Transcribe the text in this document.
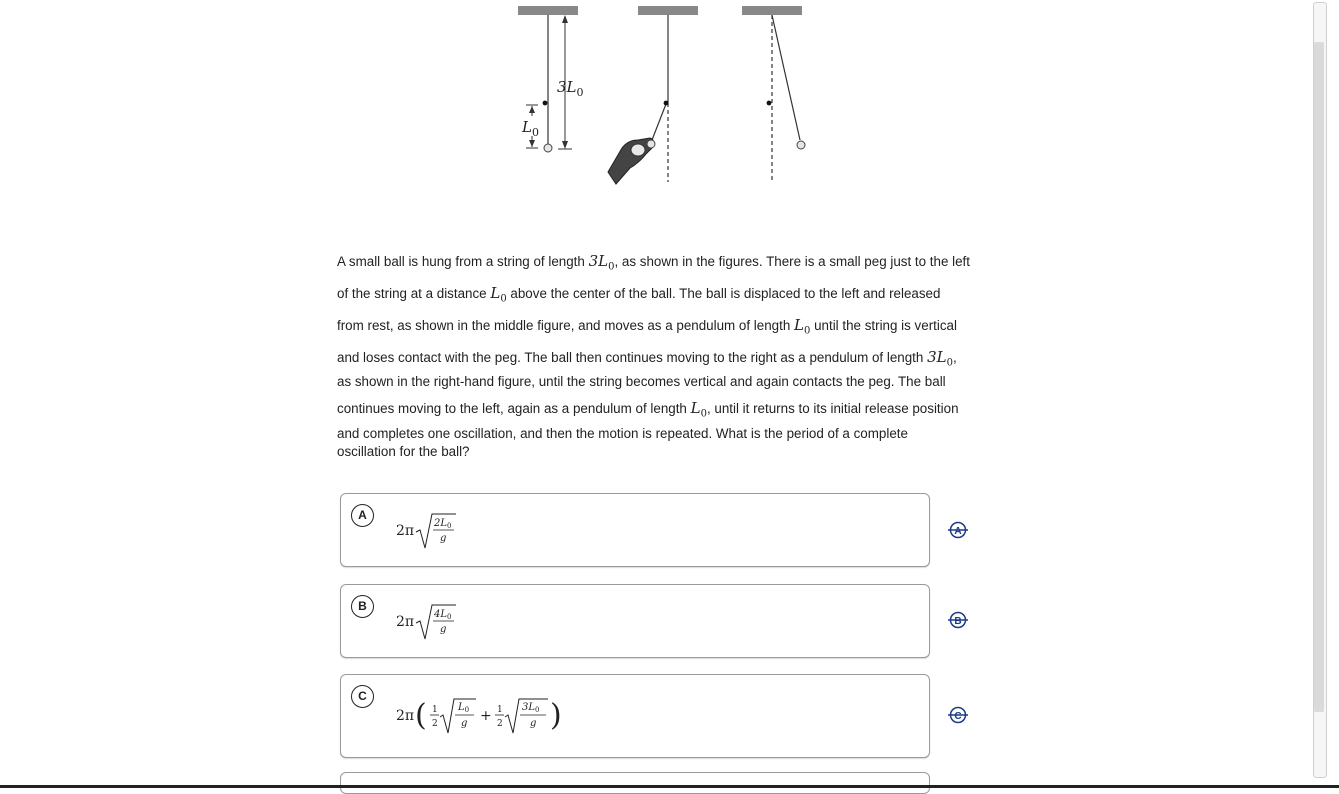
$3L_0$
$L_0$
A small ball is hung from a string of length $3L_0$, as shown in the figures. There is a small peg just to the left
of the string at a distance $L_0$ above the center of the ball. The ball is displaced to the left and released
from rest, as shown in the middle figure, and moves as a pendulum of length $L_0$ until the string is vertical
and loses contact with the peg. The ball then continues moving to the right as a pendulum of length $3L_0$,
as shown in the right-hand figure, until the string becomes vertical and again contacts the peg. The ball
continues moving to the left, again as a pendulum of length $L_0$, until it returns to its initial release position
and completes one oscillation, and then the motion is repeated. What is the period of a complete
oscillation for the ball?
A
2π $2L_0$
g
A
B
2π $4L_0$
g
B
C
2π ( 1
2
$L_0$
g + 1
2
$3L_0$
g )	C
